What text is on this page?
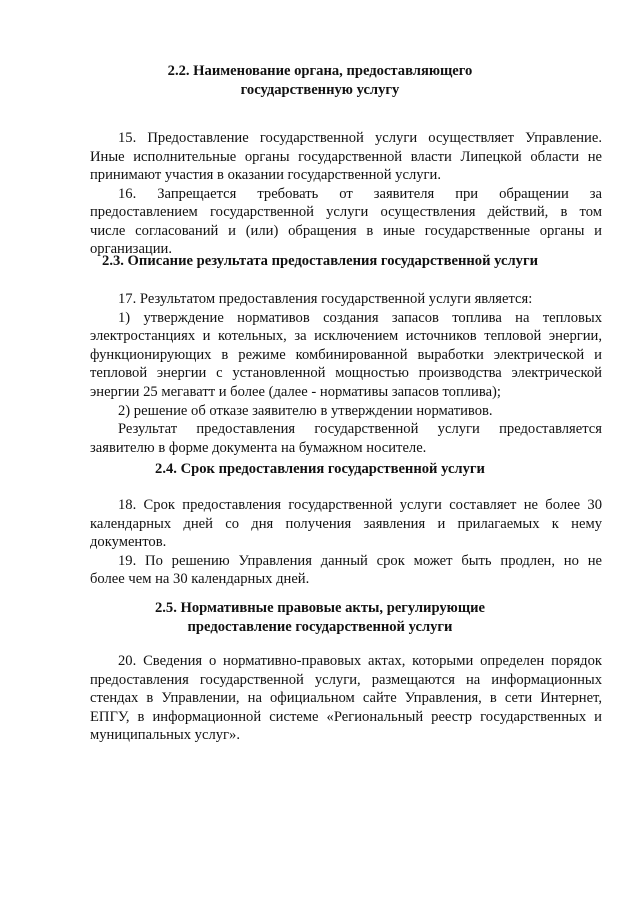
2.2. Наименование органа, предоставляющего
государственную услугу
15. Предоставление государственной услуги осуществляет Управление.
Иные исполнительные органы государственной власти Липецкой области не
принимают участия в оказании государственной услуги.
16. Запрещается требовать от заявителя при обращении за
предоставлением государственной услуги осуществления действий, в том
числе согласований и (или) обращения в иные государственные органы и
организации.
2.3. Описание результата предоставления государственной услуги
17. Результатом предоставления государственной услуги является:
1) утверждение нормативов создания запасов топлива на тепловых
электростанциях и котельных, за исключением источников тепловой энергии,
функционирующих в режиме комбинированной выработки электрической и
тепловой энергии с установленной мощностью производства электрической
энергии 25 мегаватт и более (далее - нормативы запасов топлива);
2) решение об отказе заявителю в утверждении нормативов.
Результат предоставления государственной услуги предоставляется
заявителю в форме документа на бумажном носителе.
2.4. Срок предоставления государственной услуги
18. Срок предоставления государственной услуги составляет не более 30
календарных дней со дня получения заявления и прилагаемых к нему
документов.
19. По решению Управления данный срок может быть продлен, но не
более чем на 30 календарных дней.
2.5. Нормативные правовые акты, регулирующие
предоставление государственной услуги
20. Сведения о нормативно-правовых актах, которыми определен порядок
предоставления государственной услуги, размещаются на информационных
стендах в Управлении, на официальном сайте Управления, в сети Интернет,
ЕПГУ, в информационной системе «Региональный реестр государственных и
муниципальных услуг».
